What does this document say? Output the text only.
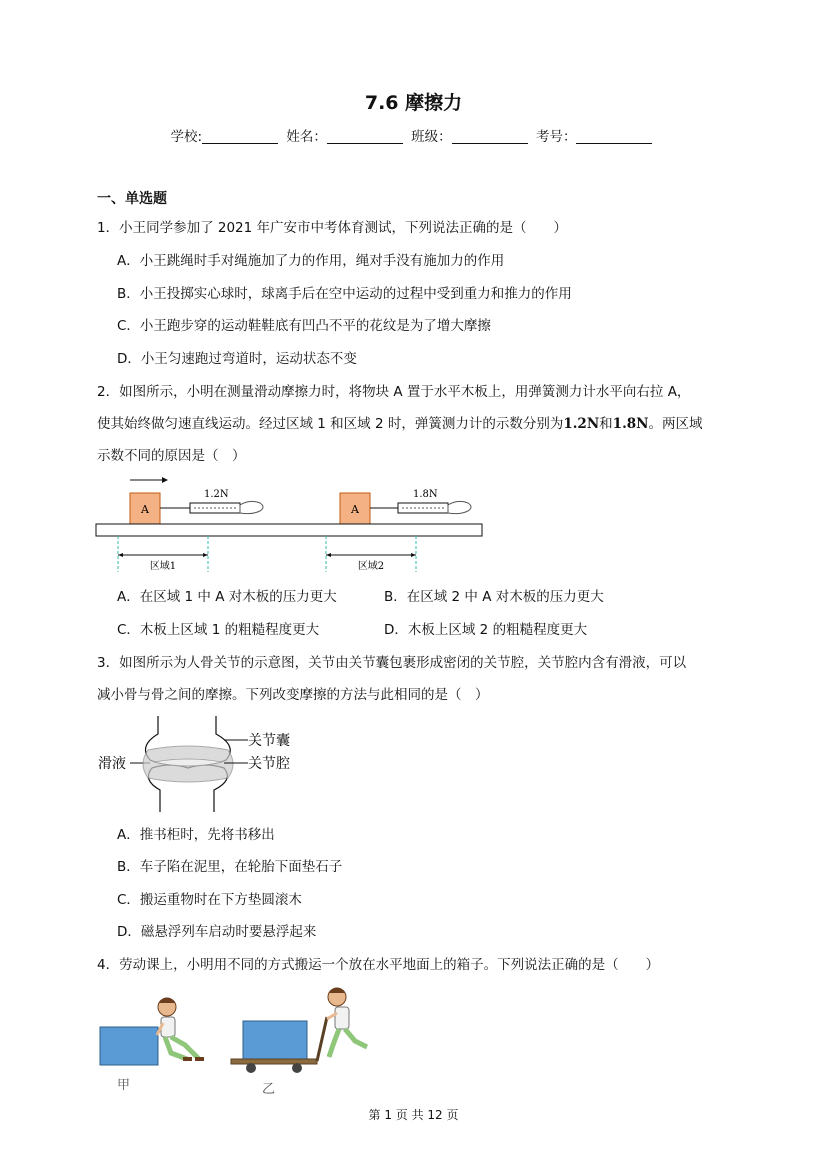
7.6 摩擦力
学校:	姓名：	班级：	考号：
一、单选题
1．小王同学参加了 2021 年广安市中考体育测试，下列说法正确的是（　　）
A．小王跳绳时手对绳施加了力的作用，绳对手没有施加力的作用
B．小王投掷实心球时，球离手后在空中运动的过程中受到重力和推力的作用
C．小王跑步穿的运动鞋鞋底有凹凸不平的花纹是为了增大摩擦
D．小王匀速跑过弯道时，运动状态不变
2．如图所示，小明在测量滑动摩擦力时，将物块 A 置于水平木板上，用弹簧测力计水平向右拉 A，
使其始终做匀速直线运动。经过区域 1 和区域 2 时，弹簧测力计的示数分别为1.2N和1.8N。两区域
示数不同的原因是（　）
A
1.2N
A
1.8N
区域1	区域2
A．在区域 1 中 A 对木板的压力更大	B．在区域 2 中 A 对木板的压力更大
C．木板上区域 1 的粗糙程度更大	D．木板上区域 2 的粗糙程度更大
3．如图所示为人骨关节的示意图，关节由关节囊包裹形成密闭的关节腔，关节腔内含有滑液，可以
减小骨与骨之间的摩擦。下列改变摩擦的方法与此相同的是（　）
滑液
关节囊
关节腔
A．推书柜时，先将书移出
B．车子陷在泥里，在轮胎下面垫石子
C．搬运重物时在下方垫圆滚木
D．磁悬浮列车启动时要悬浮起来
4．劳动课上，小明用不同的方式搬运一个放在水平地面上的箱子。下列说法正确的是（　　）
甲	乙
第 1 页 共 12 页
